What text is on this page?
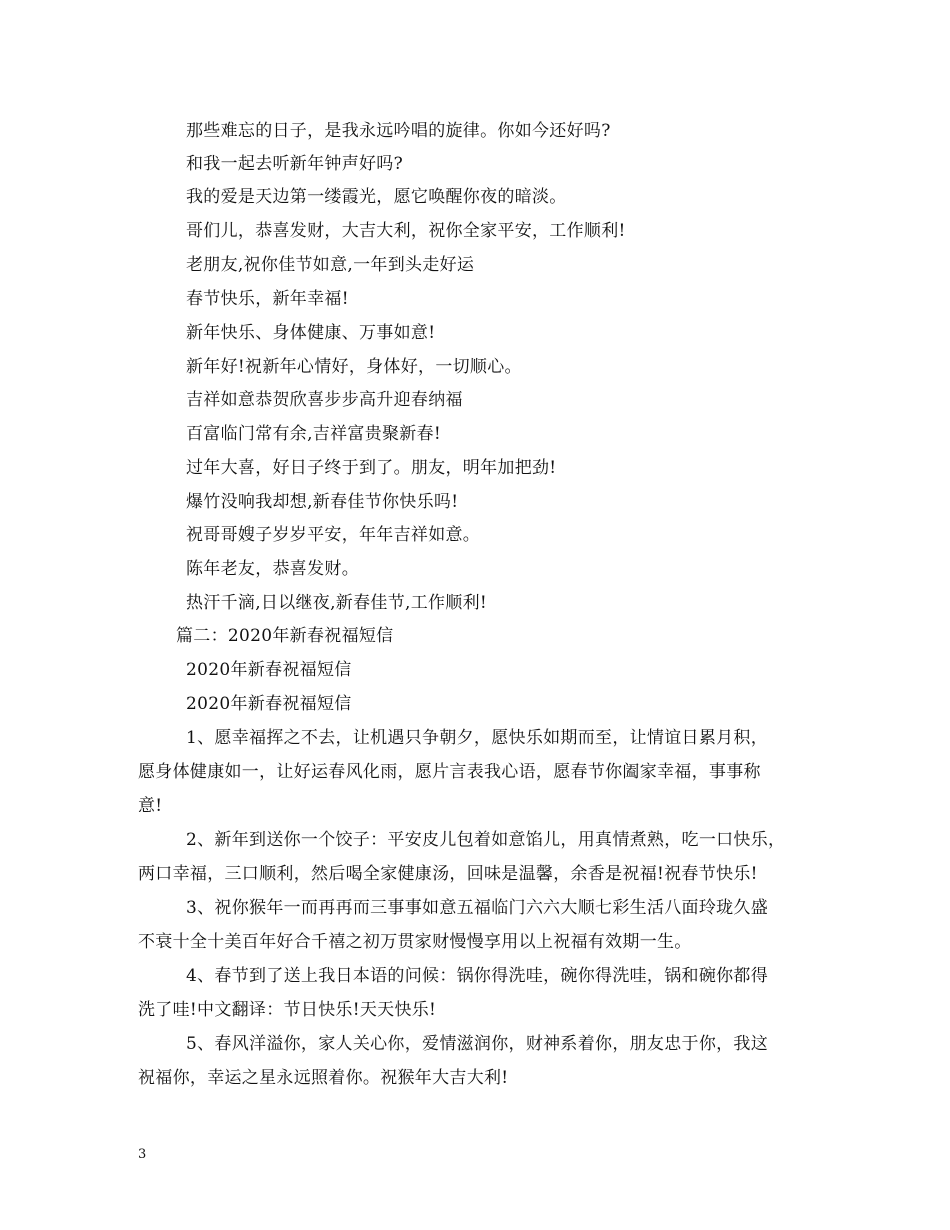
那些难忘的日子，是我永远吟唱的旋律。你如今还好吗?
和我一起去听新年钟声好吗?
我的爱是天边第一缕霞光，愿它唤醒你夜的暗淡。
哥们儿，恭喜发财，大吉大利，祝你全家平安，工作顺利!
老朋友,祝你佳节如意,一年到头走好运
春节快乐，新年幸福!
新年快乐、身体健康、万事如意!
新年好!祝新年心情好，身体好，一切顺心。
吉祥如意恭贺欣喜步步高升迎春纳福
百富临门常有余,吉祥富贵聚新春!
过年大喜，好日子终于到了。朋友，明年加把劲!
爆竹没响我却想,新春佳节你快乐吗!
祝哥哥嫂子岁岁平安，年年吉祥如意。
陈年老友，恭喜发财。
热汗千滴,日以继夜,新春佳节,工作顺利!
篇二：2020年新春祝福短信
2020年新春祝福短信
2020年新春祝福短信
1、愿幸福挥之不去，让机遇只争朝夕，愿快乐如期而至，让情谊日累月积，
愿身体健康如一，让好运春风化雨，愿片言表我心语，愿春节你阖家幸福，事事称
意!
2、新年到送你一个饺子：平安皮儿包着如意馅儿，用真情煮熟，吃一口快乐，
两口幸福，三口顺利，然后喝全家健康汤，回味是温馨，余香是祝福!祝春节快乐!
3、祝你猴年一而再再而三事事如意五福临门六六大顺七彩生活八面玲珑久盛
不衰十全十美百年好合千禧之初万贯家财慢慢享用以上祝福有效期一生。
4、春节到了送上我日本语的问候：锅你得洗哇，碗你得洗哇，锅和碗你都得
洗了哇!中文翻译：节日快乐!天天快乐!
5、春风洋溢你，家人关心你，爱情滋润你，财神系着你，朋友忠于你，我这
祝福你，幸运之星永远照着你。祝猴年大吉大利!
3
